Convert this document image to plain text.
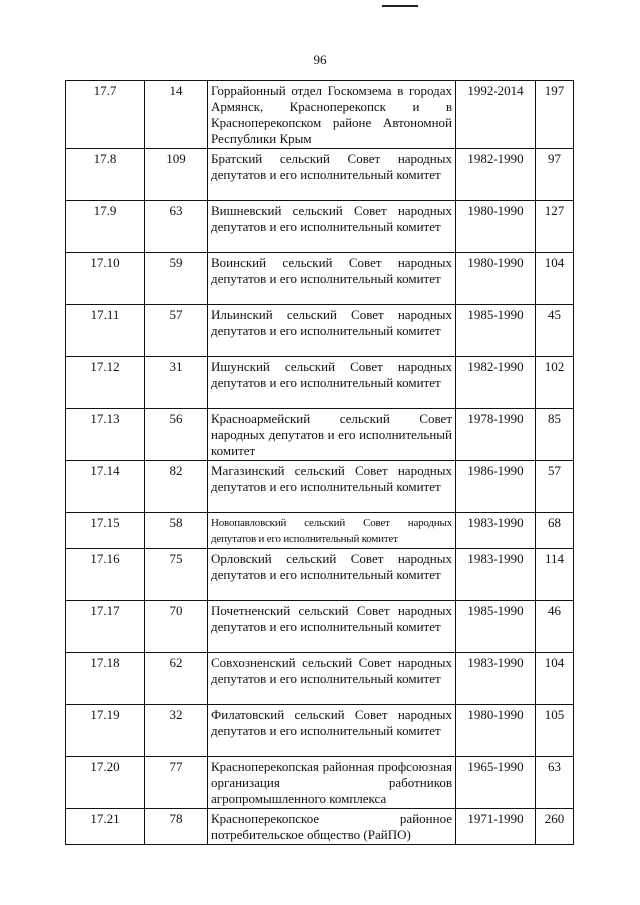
96
17.7	14	Горрайонный отдел Госкомзема в городах Армянск, Красноперекопск и в Красноперекопском районе Автономной Республики Крым	1992-2014	197
17.8	109	Братский сельский Совет народных депутатов и его исполнительный комитет	1982-1990	97
17.9	63	Вишневский сельский Совет народных депутатов и его исполнительный комитет	1980-1990	127
17.10	59	Воинский сельский Совет народных депутатов и его исполнительный комитет	1980-1990	104
17.11	57	Ильинский сельский Совет народных депутатов и его исполнительный комитет	1985-1990	45
17.12	31	Ишунский сельский Совет народных депутатов и его исполнительный комитет	1982-1990	102
17.13	56	Красноармейский сельский Совет народных депутатов и его исполнительный комитет	1978-1990	85
17.14	82	Магазинский сельский Совет народных депутатов и его исполнительный комитет	1986-1990	57
17.15	58	Новопавловский сельский Совет народных депутатов и его исполнительный комитет	1983-1990	68
17.16	75	Орловский сельский Совет народных депутатов и его исполнительный комитет	1983-1990	114
17.17	70	Почетненский сельский Совет народных депутатов и его исполнительный комитет	1985-1990	46
17.18	62	Совхозненский сельский Совет народных депутатов и его исполнительный комитет	1983-1990	104
17.19	32	Филатовский сельский Совет народных депутатов и его исполнительный комитет	1980-1990	105
17.20	77	Красноперекопская районная профсоюзная организация работников агропромышленного комплекса	1965-1990	63
17.21	78	Красноперекопское районное потребительское общество (РайПО)	1971-1990	260
